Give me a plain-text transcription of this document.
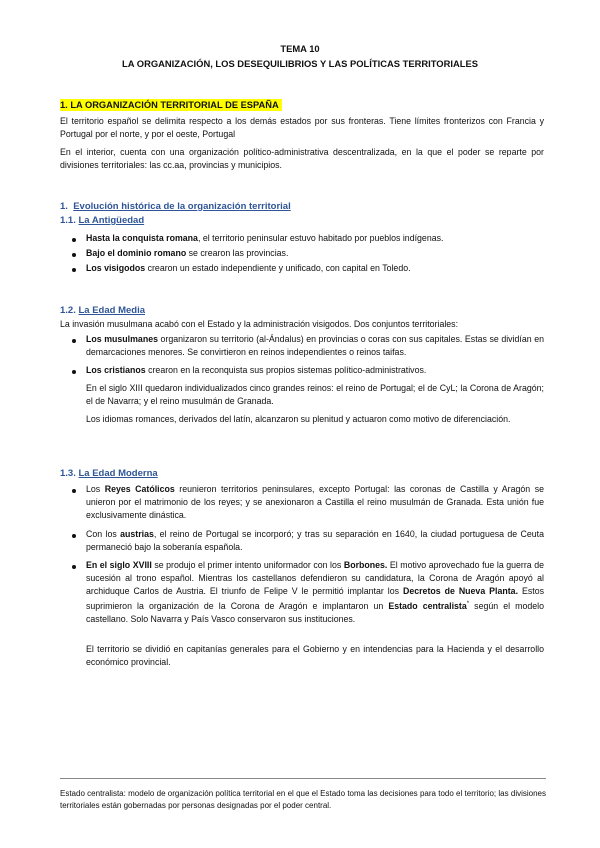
TEMA 10
LA ORGANIZACIÓN, LOS DESEQUILIBRIOS Y LAS POLÍTICAS TERRITORIALES
1. LA ORGANIZACIÓN TERRITORIAL DE ESPAÑA
El territorio español se delimita respecto a los demás estados por sus fronteras. Tiene límites fronterizos con Francia y Portugal por el norte, y por el oeste, Portugal
En el interior, cuenta con una organización político-administrativa descentralizada, en la que el poder se reparte por divisiones territoriales: las cc.aa, provincias y municipios.
1. Evolución histórica de la organización territorial
1.1. La Antigüedad
Hasta la conquista romana, el territorio peninsular estuvo habitado por pueblos indígenas.
Bajo el dominio romano se crearon las provincias.
Los visigodos crearon un estado independiente y unificado, con capital en Toledo.
1.2. La Edad Media
La invasión musulmana acabó con el Estado y la administración visigodos. Dos conjuntos territoriales:
Los musulmanes organizaron su territorio (al-Ándalus) en provincias o coras con sus capitales. Estas se dividían en demarcaciones menores. Se convirtieron en reinos independientes o reinos taifas.
Los cristianos crearon en la reconquista sus propios sistemas político-administrativos.
En el siglo XIII quedaron individualizados cinco grandes reinos: el reino de Portugal; el de CyL; la Corona de Aragón; el de Navarra; y el reino musulmán de Granada.
Los idiomas romances, derivados del latín, alcanzaron su plenitud y actuaron como motivo de diferenciación.
1.3. La Edad Moderna
Los Reyes Católicos reunieron territorios peninsulares, excepto Portugal: las coronas de Castilla y Aragón se unieron por el matrimonio de los reyes; y se anexionaron a Castilla el reino musulmán de Granada. Esta unión fue exclusivamente dinástica.
Con los austrias, el reino de Portugal se incorporó; y tras su separación en 1640, la ciudad portuguesa de Ceuta permaneció bajo la soberanía española.
En el siglo XVIII se produjo el primer intento uniformador con los Borbones. El motivo aprovechado fue la guerra de sucesión al trono español. Mientras los castellanos defendieron su candidatura, la Corona de Aragón apoyó al archiduque Carlos de Austria. El triunfo de Felipe V le permitió implantar los Decretos de Nueva Planta. Estos suprimieron la organización de la Corona de Aragón e implantaron un Estado centralista* según el modelo castellano. Solo Navarra y País Vasco conservaron sus instituciones.
El territorio se dividió en capitanías generales para el Gobierno y en intendencias para la Hacienda y el desarrollo económico provincial.
Estado centralista: modelo de organización política territorial en el que el Estado toma las decisiones para todo el territorio; las divisiones territoriales están gobernadas por personas designadas por el poder central.
